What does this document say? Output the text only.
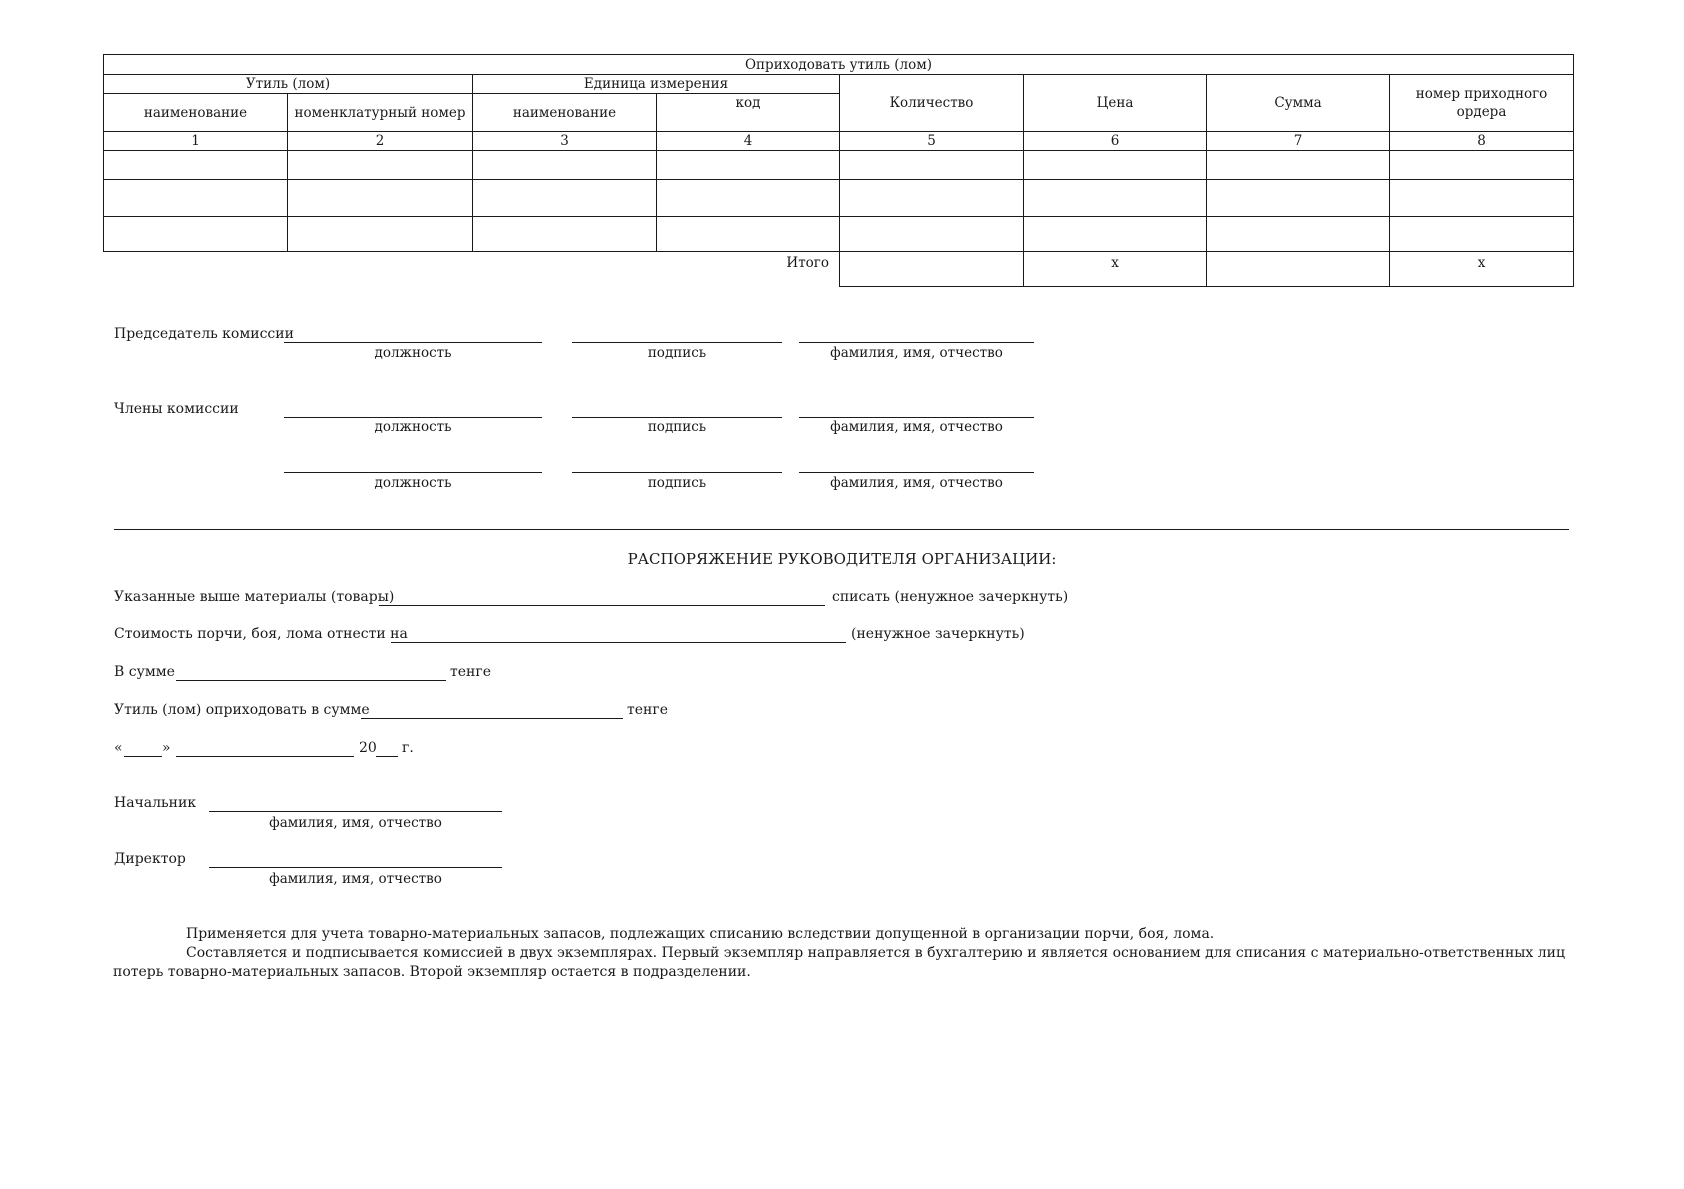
Оприходовать утиль (лом)							
Утиль (лом)		Единица измерения		Количество	Цена	Сумма	номер приходного ордера
наименование	номенклатурный номер	наименование	код				
1	2	3	4	5	6	7	8

			Итого		x		x
Председатель комиссии
должность	подпись	фамилия, имя, отчество
Члены комиссии
должность	подпись	фамилия, имя, отчество
должность	подпись	фамилия, имя, отчество
РАСПОРЯЖЕНИЕ РУКОВОДИТЕЛЯ ОРГАНИЗАЦИИ:
Указанные выше материалы (товары)	списать (ненужное зачеркнуть)
Стоимость порчи, боя, лома отнести на	(ненужное зачеркнуть)
В сумме	тенге
Утиль (лом) оприходовать в сумме	тенге
«	»	20 г.
Начальник
фамилия, имя, отчество
Директор
фамилия, имя, отчество

Применяется для учета товарно-материальных запасов, подлежащих списанию вследствии допущенной в организации порчи, боя, лома.

Составляется и подписывается комиссией в двух экземплярах. Первый экземпляр направляется в бухгалтерию и является основанием для списания с материально-ответственных лиц потерь товарно-материальных запасов. Второй экземпляр остается в подразделении.
